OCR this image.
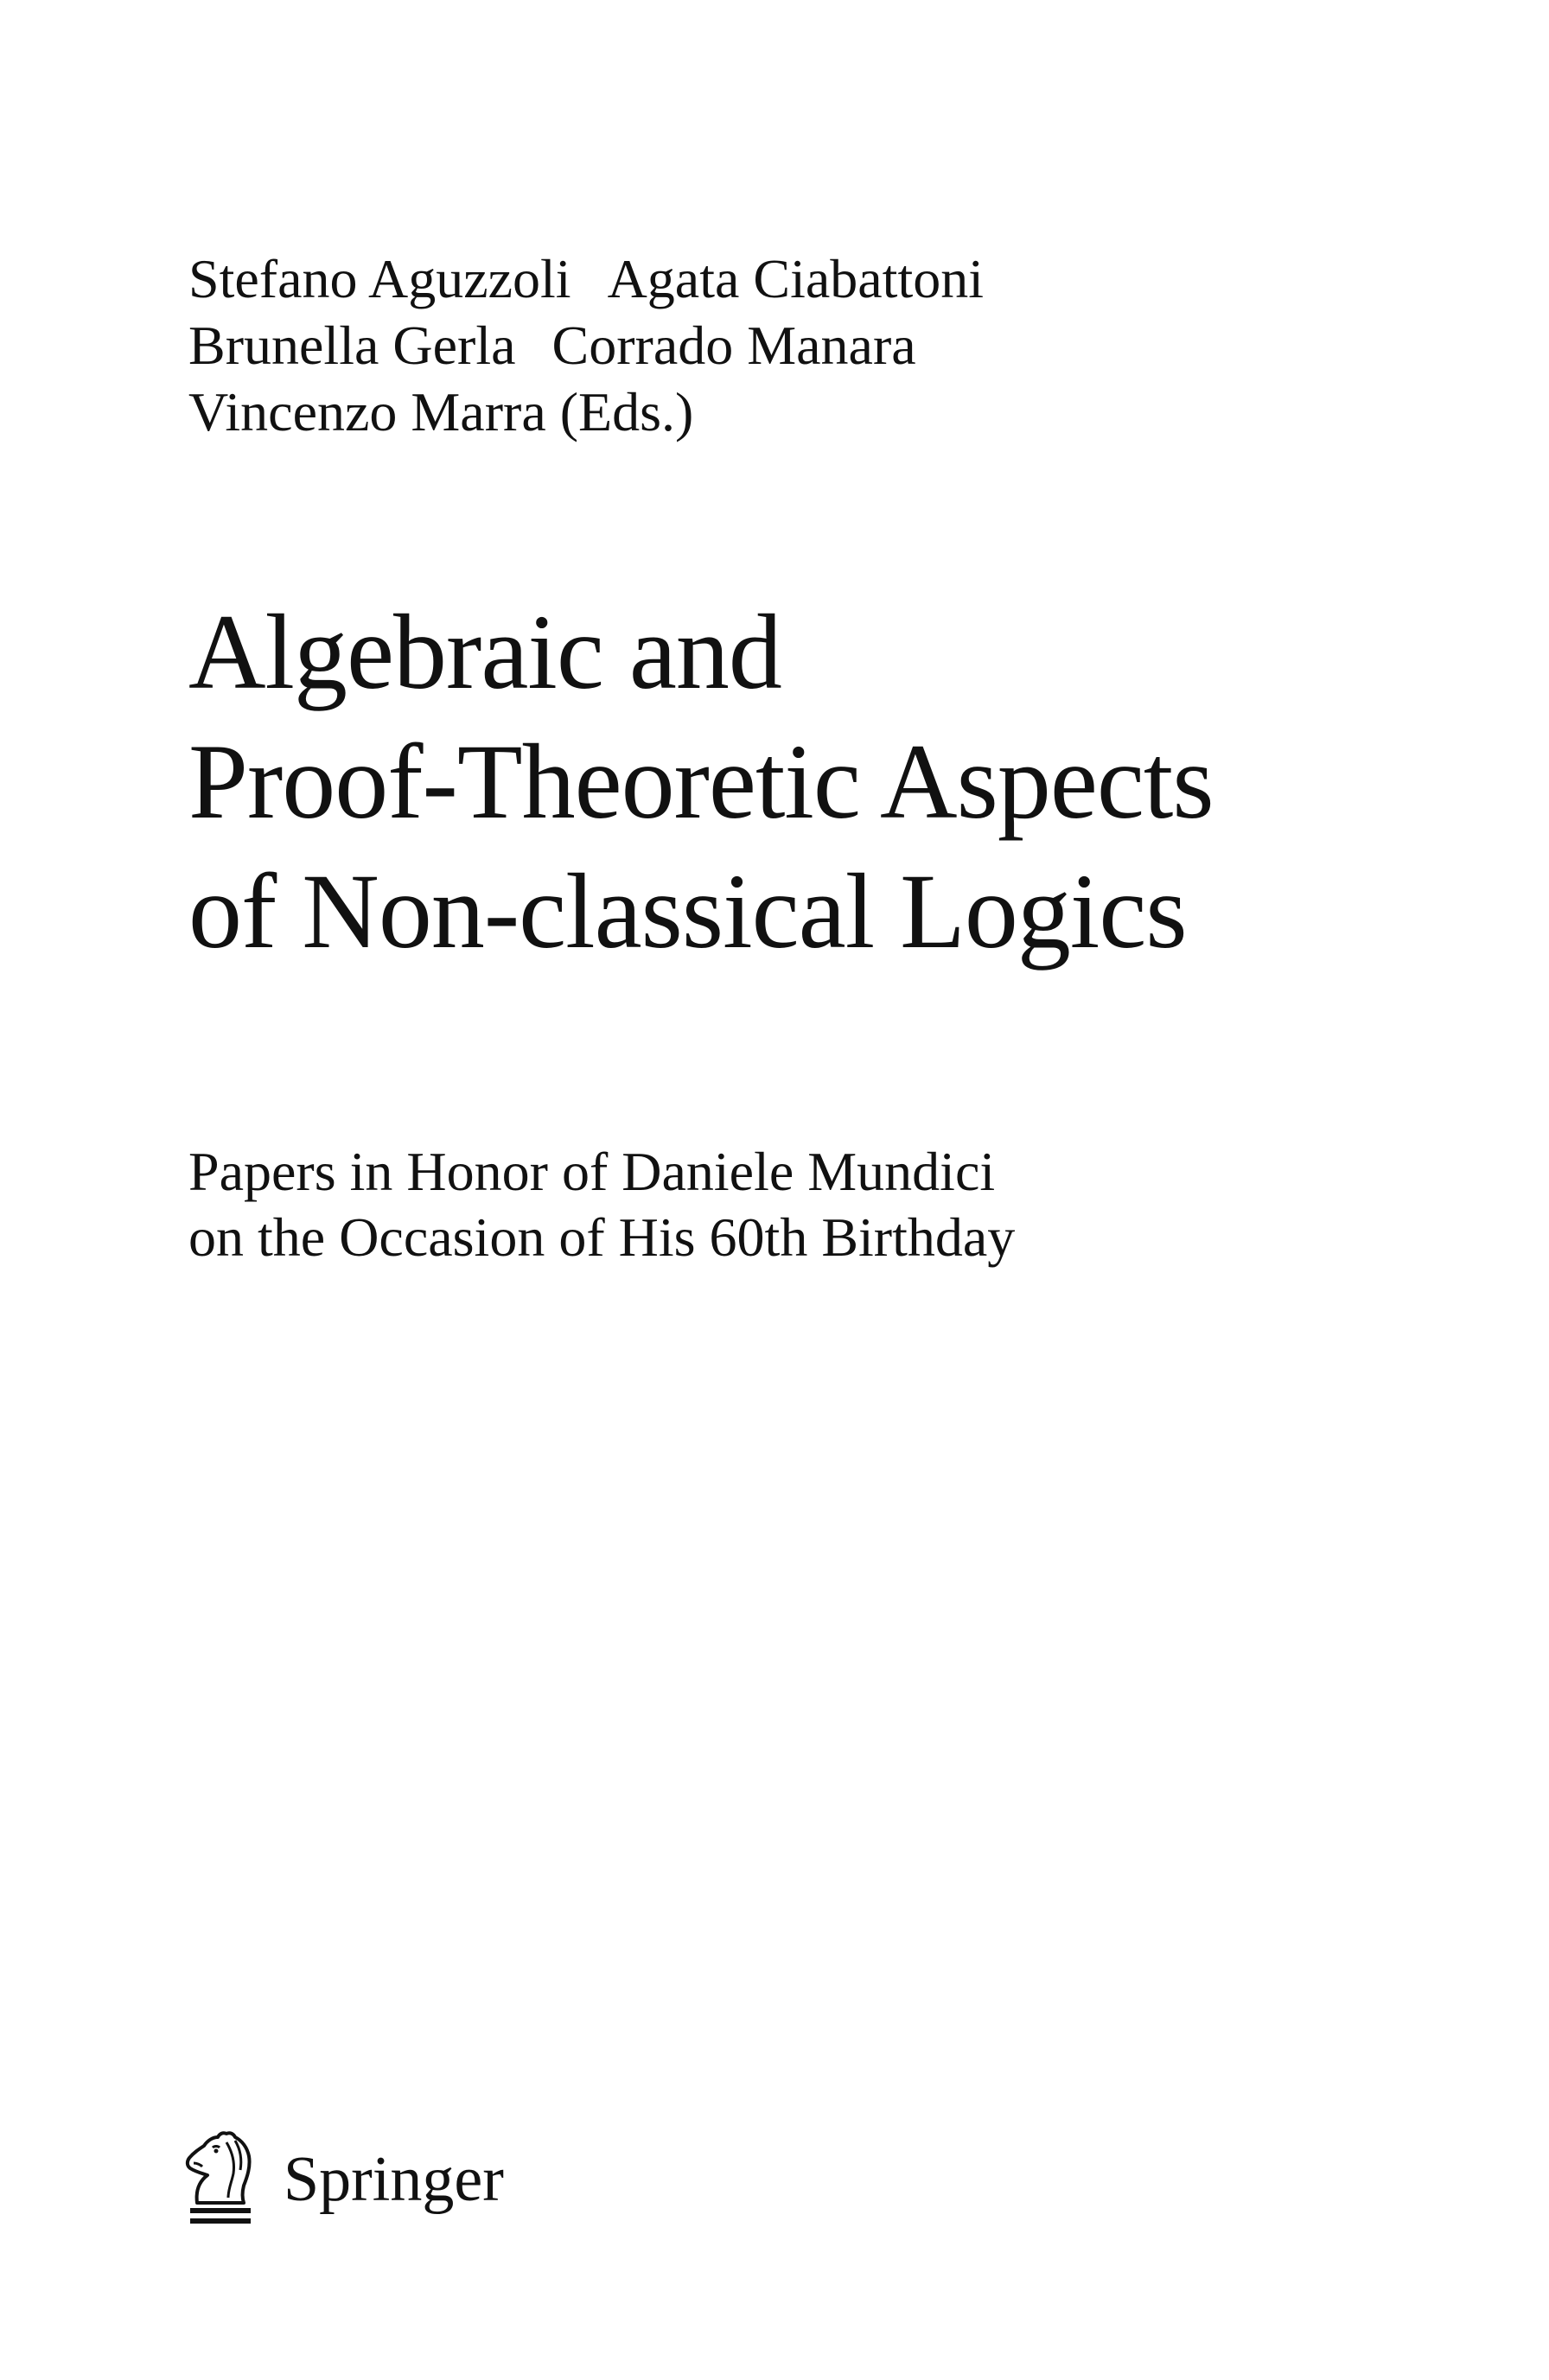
Stefano Aguzzoli Agata Ciabattoni
Brunella Gerla Corrado Manara
Vincenzo Marra (Eds.)
Algebraic and
Proof-Theoretic Aspects
of Non-classical Logics
Papers in Honor of Daniele Mundici
on the Occasion of His 60th Birthday
Springer
